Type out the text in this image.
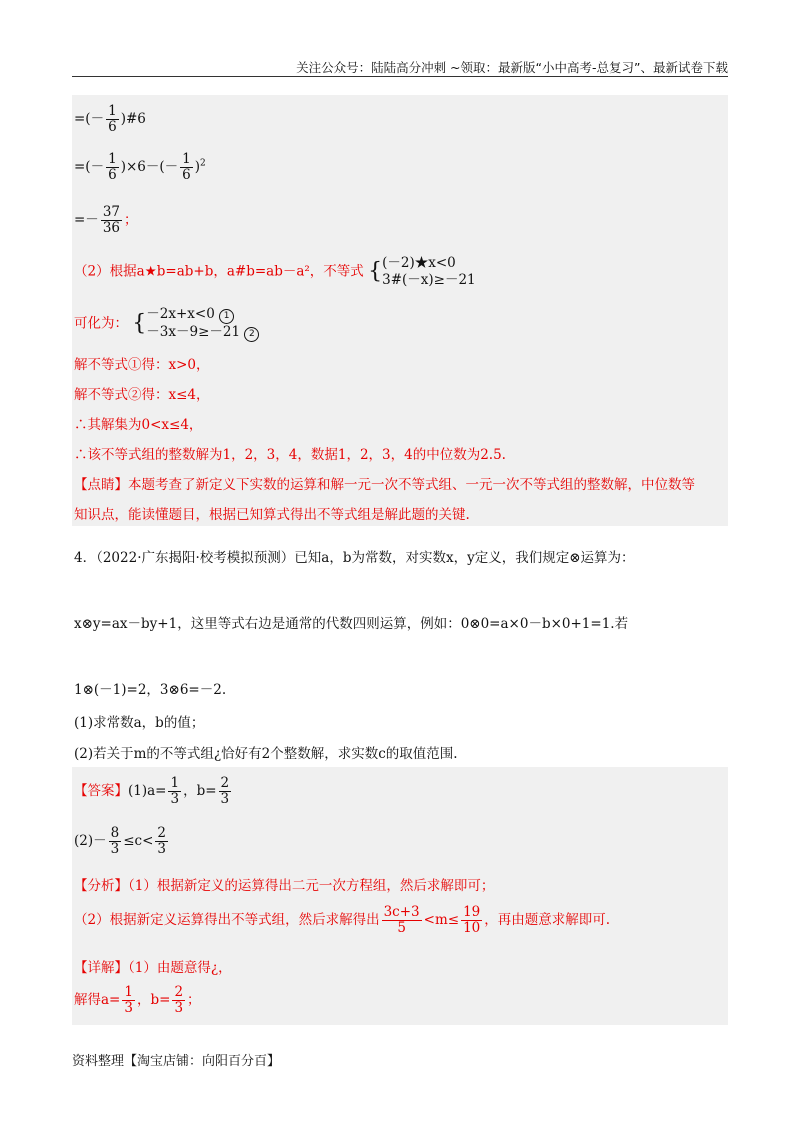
关注公众号：陆陆高分冲刺 ~领取：最新版“小中高考-总复习”、最新试卷下载
=(－ $\frac{1}{6}$ )#6
=(－ $\frac{1}{6} )\times 6-(- \frac{1}{6} )^2$
=－ $\frac{37}{36}$ ；
（2）根据a★b=ab+b，a#b=ab－a²，不等式 { (－2)★x<0
3#(－x)≥－21
可化为： { －2x+x<0 1
－3x－9≥－21 2
解不等式①得：x>0，
解不等式②得：x≤4，
∴其解集为0<x≤4，
∴该不等式组的整数解为1，2，3，4，数据1，2，3，4的中位数为2.5.
【点睛】本题考查了新定义下实数的运算和解一元一次不等式组、一元一次不等式组的整数解，中位数等
知识点，能读懂题目，根据已知算式得出不等式组是解此题的关键.
4．（2022·广东揭阳·校考模拟预测）已知a，b为常数，对实数x，y定义，我们规定⊗运算为：
x⊗y=ax－by+1，这里等式右边是通常的代数四则运算，例如：0⊗0=a×0－b×0+1=1.若
1⊗(－1)=2，3⊗6=－2.
(1)求常数a，b的值；
(2)若关于m的不等式组¿恰好有2个整数解，求实数c的取值范围.
【答案】$(1)a= \frac{1}{3}$ ，$b= \frac{2}{3}$
$(2)- \frac{8}{3} \le c< \frac{2}{3}$
【分析】（1）根据新定义的运算得出二元一次方程组，然后求解即可；
（2）根据新定义运算得出不等式组，然后求解得出 $\frac{3c+3}{5} <m\le \frac{19}{10}$ ，再由题意求解即可.
【详解】（1）由题意得¿，
解得$a= \frac{1}{3}$ ，$b= \frac{2}{3}$ ；
资料整理【淘宝店铺：向阳百分百】
